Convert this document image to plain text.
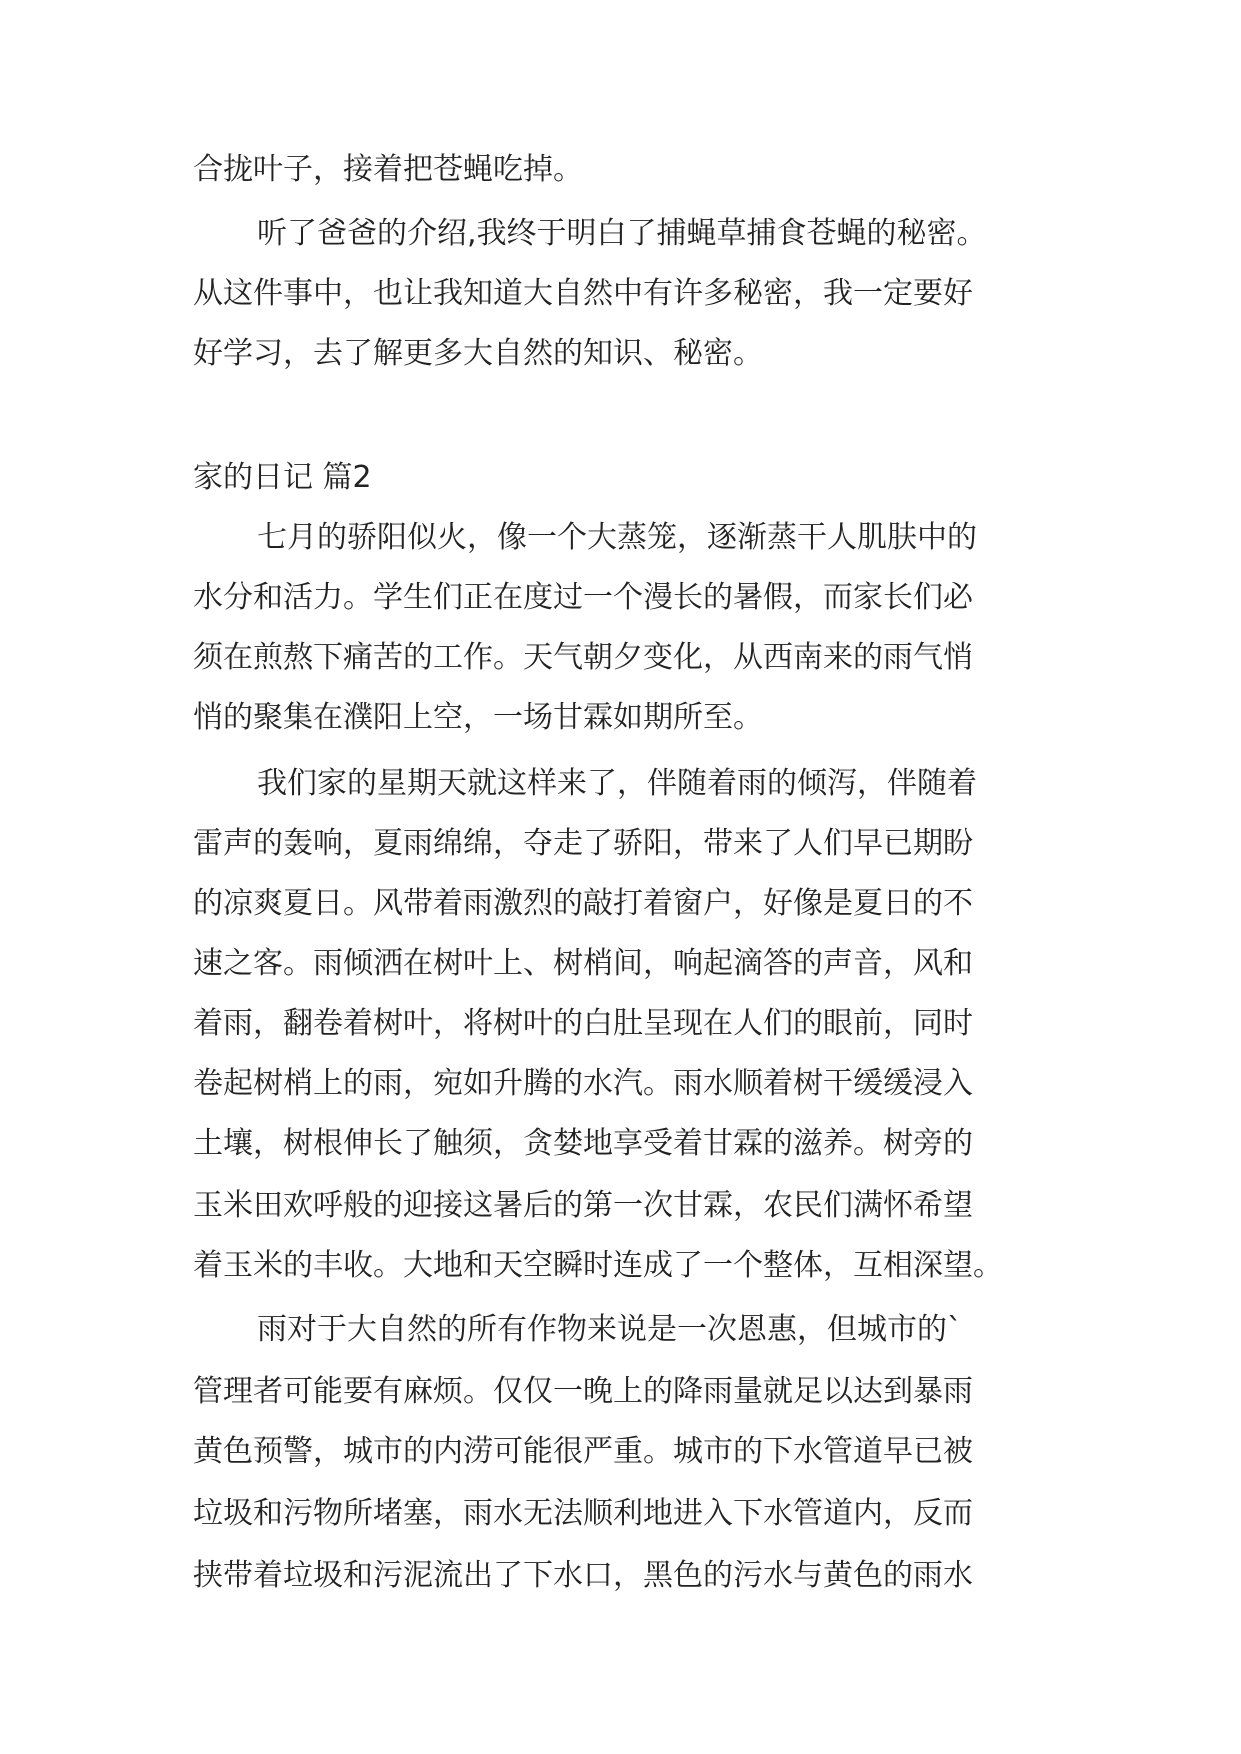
合拢叶子，接着把苍蝇吃掉。
听了爸爸的介绍,我终于明白了捕蝇草捕食苍蝇的秘密。
从这件事中，也让我知道大自然中有许多秘密，我一定要好
好学习，去了解更多大自然的知识、秘密。
家的日记 篇2
七月的骄阳似火，像一个大蒸笼，逐渐蒸干人肌肤中的
水分和活力。学生们正在度过一个漫长的暑假，而家长们必
须在煎熬下痛苦的工作。天气朝夕变化，从西南来的雨气悄
悄的聚集在濮阳上空，一场甘霖如期所至。
我们家的星期天就这样来了，伴随着雨的倾泻，伴随着
雷声的轰响，夏雨绵绵，夺走了骄阳，带来了人们早已期盼
的凉爽夏日。风带着雨激烈的敲打着窗户，好像是夏日的不
速之客。雨倾洒在树叶上、树梢间，响起滴答的声音，风和
着雨，翻卷着树叶，将树叶的白肚呈现在人们的眼前，同时
卷起树梢上的雨，宛如升腾的水汽。雨水顺着树干缓缓浸入
土壤，树根伸长了触须，贪婪地享受着甘霖的滋养。树旁的
玉米田欢呼般的迎接这暑后的第一次甘霖，农民们满怀希望
着玉米的丰收。大地和天空瞬时连成了一个整体，互相深望。
雨对于大自然的所有作物来说是一次恩惠，但城市的`
管理者可能要有麻烦。仅仅一晚上的降雨量就足以达到暴雨
黄色预警，城市的内涝可能很严重。城市的下水管道早已被
垃圾和污物所堵塞，雨水无法顺利地进入下水管道内，反而
挟带着垃圾和污泥流出了下水口，黑色的污水与黄色的雨水
